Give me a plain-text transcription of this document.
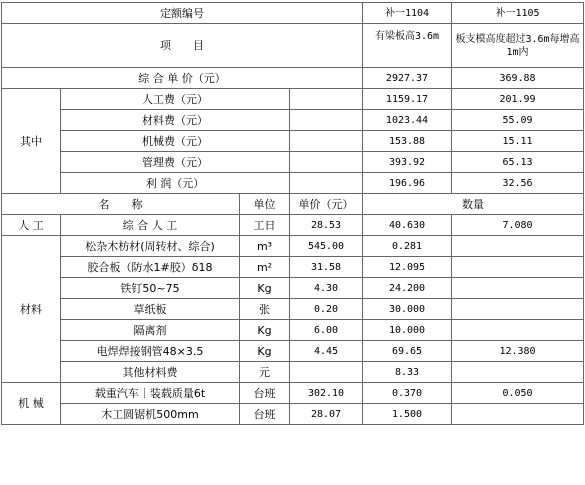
定额编号				补一1104	补一1105
项　　目				有梁板高3.6m	板支模高度超过3.6m每增高1m内
综 合 单 价（元）				2927.37	369.88
其中	人工费（元）			1159.17	201.99
	材料费（元）			1023.44	55.09
	机械费（元）			153.88	15.11
	管理费（元）			393.92	65.13
	利 润（元）			196.96	32.56
名　　称		单位	单价（元）	数量	
人 工	综 合 人 工	工日	28.53	40.630	7.080
材料	松杂木枋材(周转材、综合)	m³	545.00	0.281	
	胶合板（防水1#胶）δ18	m²	31.58	12.095	
	铁钉50~75	Kg	4.30	24.200	
	草纸板	张	0.20	30.000	
	隔离剂	Kg	6.00	10.000	
	电焊焊接钢管48×3.5	Kg	4.45	69.65	12.380
	其他材料费	元		8.33	
机 械	载重汽车｜装载质量6t	台班	302.10	0.370	0.050
	木工圆锯机500mm	台班	28.07	1.500	
